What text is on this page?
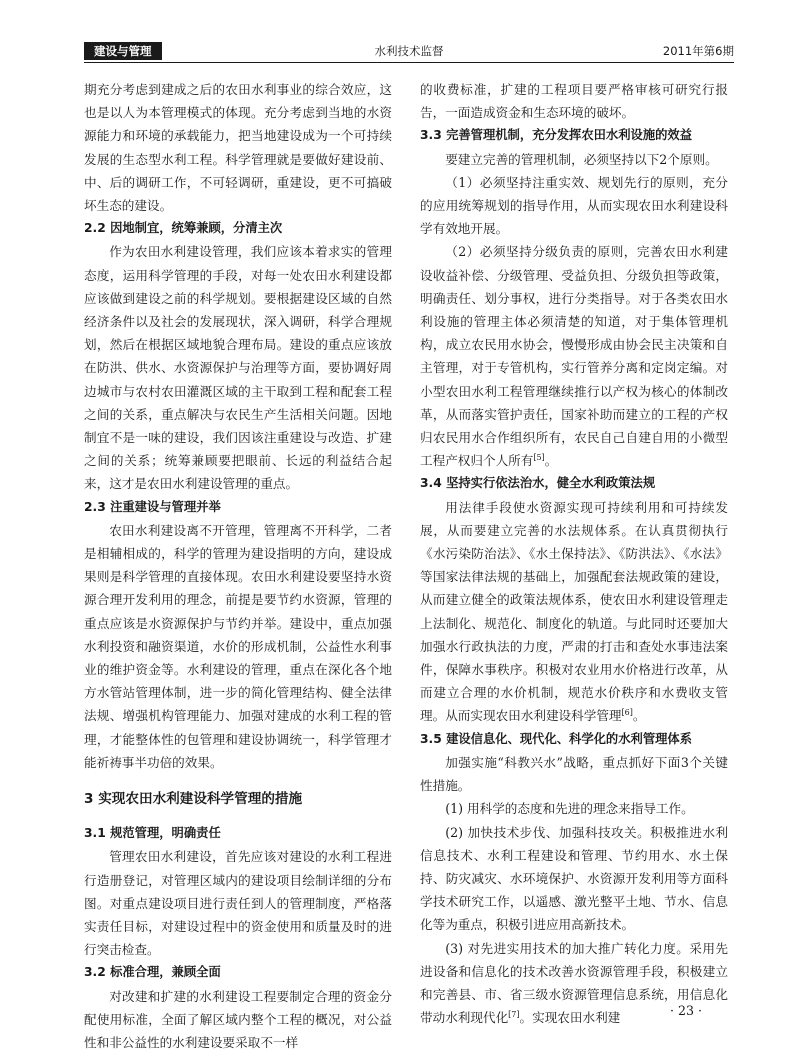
建设与管理	水利技术监督	2011年第6期

期充分考虑到建成之后的农田水利事业的综合效应，这也是以人为本管理模式的体现。充分考虑到当地的水资源能力和环境的承载能力，把当地建设成为一个可持续发展的生态型水利工程。科学管理就是要做好建设前、中、后的调研工作，不可轻调研，重建设，更不可搞破坏生态的建设。

2.2 因地制宜，统筹兼顾，分清主次

作为农田水利建设管理，我们应该本着求实的管理态度，运用科学管理的手段，对每一处农田水利建设都应该做到建设之前的科学规划。要根据建设区域的自然经济条件以及社会的发展现状，深入调研，科学合理规划，然后在根据区域地貌合理布局。建设的重点应该放在防洪、供水、水资源保护与治理等方面，要协调好周边城市与农村农田灌溉区域的主干取到工程和配套工程之间的关系，重点解决与农民生产生活相关问题。因地制宜不是一味的建设，我们因该注重建设与改造、扩建之间的关系；统筹兼顾要把眼前、长远的利益结合起来，这才是农田水利建设管理的重点。

2.3 注重建设与管理并举

农田水利建设离不开管理，管理离不开科学，二者是相辅相成的，科学的管理为建设指明的方向，建设成果则是科学管理的直接体现。农田水利建设要坚持水资源合理开发利用的理念，前提是要节约水资源，管理的重点应该是水资源保护与节约并举。建设中，重点加强水利投资和融资渠道，水价的形成机制，公益性水利事业的维护资金等。水利建设的管理，重点在深化各个地方水管站管理体制，进一步的简化管理结构、健全法律法规、增强机构管理能力、加强对建成的水利工程的管理，才能整体性的包管理和建设协调统一，科学管理才能祈祷事半功倍的效果。

3 实现农田水利建设科学管理的措施
3.1 规范管理，明确责任

管理农田水利建设，首先应该对建设的水利工程进行造册登记，对管理区域内的建设项目绘制详细的分布图。对重点建设项目进行责任到人的管理制度，严格落实责任目标，对建设过程中的资金使用和质量及时的进行突击检查。

3.2 标准合理，兼顾全面

对改建和扩建的水利建设工程要制定合理的资金分配使用标准，全面了解区域内整个工程的概况，对公益性和非公益性的水利建设要采取不一样

的收费标准，扩建的工程项目要严格审核可研究行报告，一面造成资金和生态环境的破坏。

3.3 完善管理机制，充分发挥农田水利设施的效益

要建立完善的管理机制，必须坚持以下2个原则。

（1）必须坚持注重实效、规划先行的原则，充分的应用统筹规划的指导作用，从而实现农田水利建设科学有效地开展。

（2）必须坚持分级负责的原则，完善农田水利建设收益补偿、分级管理、受益负担、分级负担等政策，明确责任、划分事权，进行分类指导。对于各类农田水利设施的管理主体必须清楚的知道，对于集体管理机构，成立农民用水协会，慢慢形成由协会民主决策和自主管理，对于专管机构，实行管养分离和定岗定编。对小型农田水利工程管理继续推行以产权为核心的体制改革，从而落实管护责任，国家补助而建立的工程的产权归农民用水合作组织所有，农民自己自建自用的小微型工程产权归个人所有[5]。

3.4 坚持实行依法治水，健全水利政策法规

用法律手段使水资源实现可持续利用和可持续发展，从而要建立完善的水法规体系。在认真贯彻执行《水污染防治法》、《水土保持法》、《防洪法》、《水法》等国家法律法规的基础上，加强配套法规政策的建设，从而建立健全的政策法规体系，使农田水利建设管理走上法制化、规范化、制度化的轨道。与此同时还要加大加强水行政执法的力度，严肃的打击和查处水事违法案件，保障水事秩序。积极对农业用水价格进行改革，从而建立合理的水价机制，规范水价秩序和水费收支管理。从而实现农田水利建设科学管理[6]。

3.5 建设信息化、现代化、科学化的水利管理体系

加强实施“科教兴水”战略，重点抓好下面3个关键性措施。

(1) 用科学的态度和先进的理念来指导工作。

(2) 加快技术步伐、加强科技攻关。积极推进水利信息技术、水利工程建设和管理、节约用水、水土保持、防灾减灾、水环境保护、水资源开发利用等方面科学技术研究工作，以遥感、激光整平土地、节水、信息化等为重点，积极引进应用高新技术。

(3) 对先进实用技术的加大推广转化力度。采用先进设备和信息化的技术改善水资源管理手段，积极建立和完善县、市、省三级水资源管理信息系统，用信息化带动水利现代化[7]。实现农田水利建	· 23 ·
